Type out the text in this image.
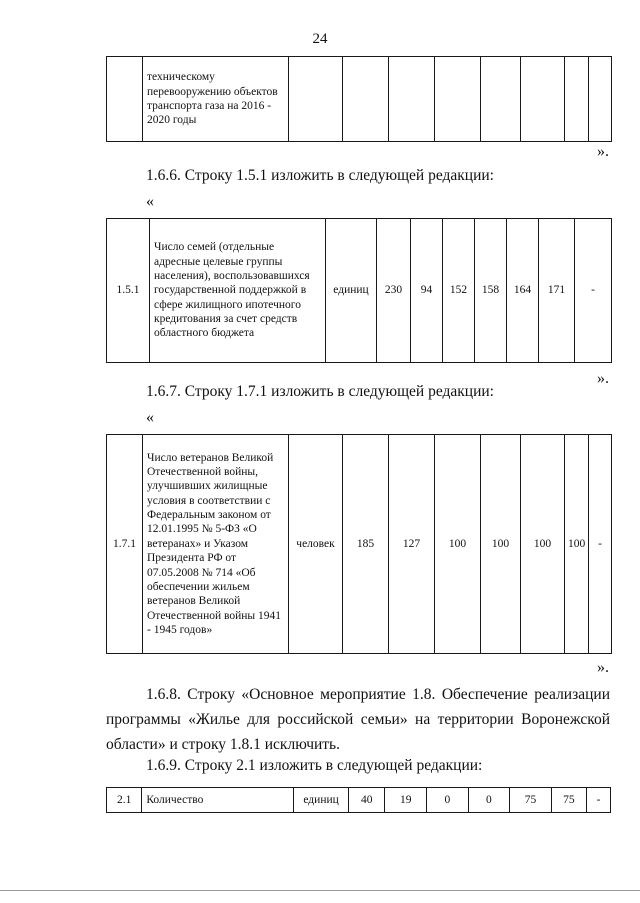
24
	техническому перевооружению объектов транспорта газа на 2016 - 2020 годы								
».
1.6.6. Строку 1.5.1 изложить в следующей редакции:
«
1.5.1	Число семей (отдельные адресные целевые группы населения), воспользовавшихся государственной поддержкой в сфере жилищного ипотечного кредитования за счет средств областного бюджета	единиц	230	94	152	158	164	171	-
».
1.6.7. Строку 1.7.1 изложить в следующей редакции:
«
1.7.1	Число ветеранов Великой Отечественной войны, улучшивших жилищные условия в соответствии с Федеральным законом от 12.01.1995 № 5-ФЗ «О ветеранах» и Указом Президента РФ от 07.05.2008 № 714 «Об обеспечении жильем ветеранов Великой Отечественной войны 1941 - 1945 годов»	человек	185	127	100	100	100	100	-
».
1.6.8. Строку «Основное мероприятие 1.8. Обеспечение реализации программы «Жилье для российской семьи» на территории Воронежской области» и строку 1.8.1 исключить.
1.6.9. Строку 2.1 изложить в следующей редакции:
2.1	Количество	единиц	40	19	0	0	75	75	-
